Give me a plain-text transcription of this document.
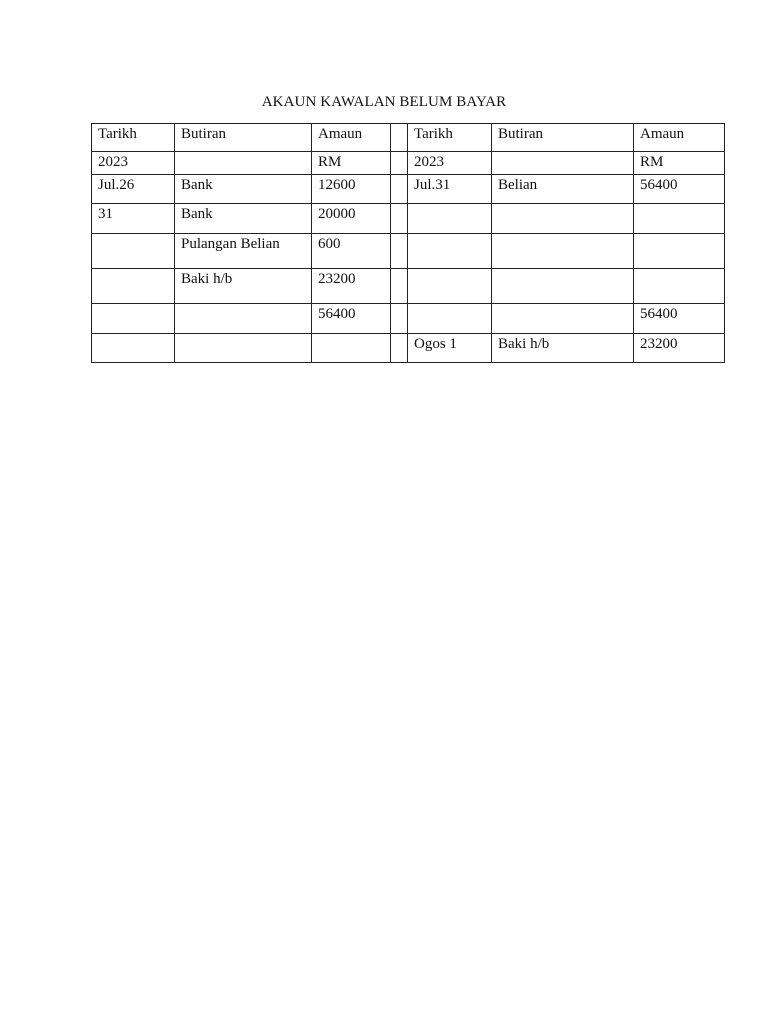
AKAUN KAWALAN BELUM BAYAR
Tarikh	Butiran	Amaun		Tarikh	Butiran	Amaun
2023		RM		2023		RM
Jul.26	Bank	12600		Jul.31	Belian	56400
31	Bank	20000				
	Pulangan Belian	600				
	Baki h/b	23200				
		56400				56400
				Ogos 1	Baki h/b	23200
